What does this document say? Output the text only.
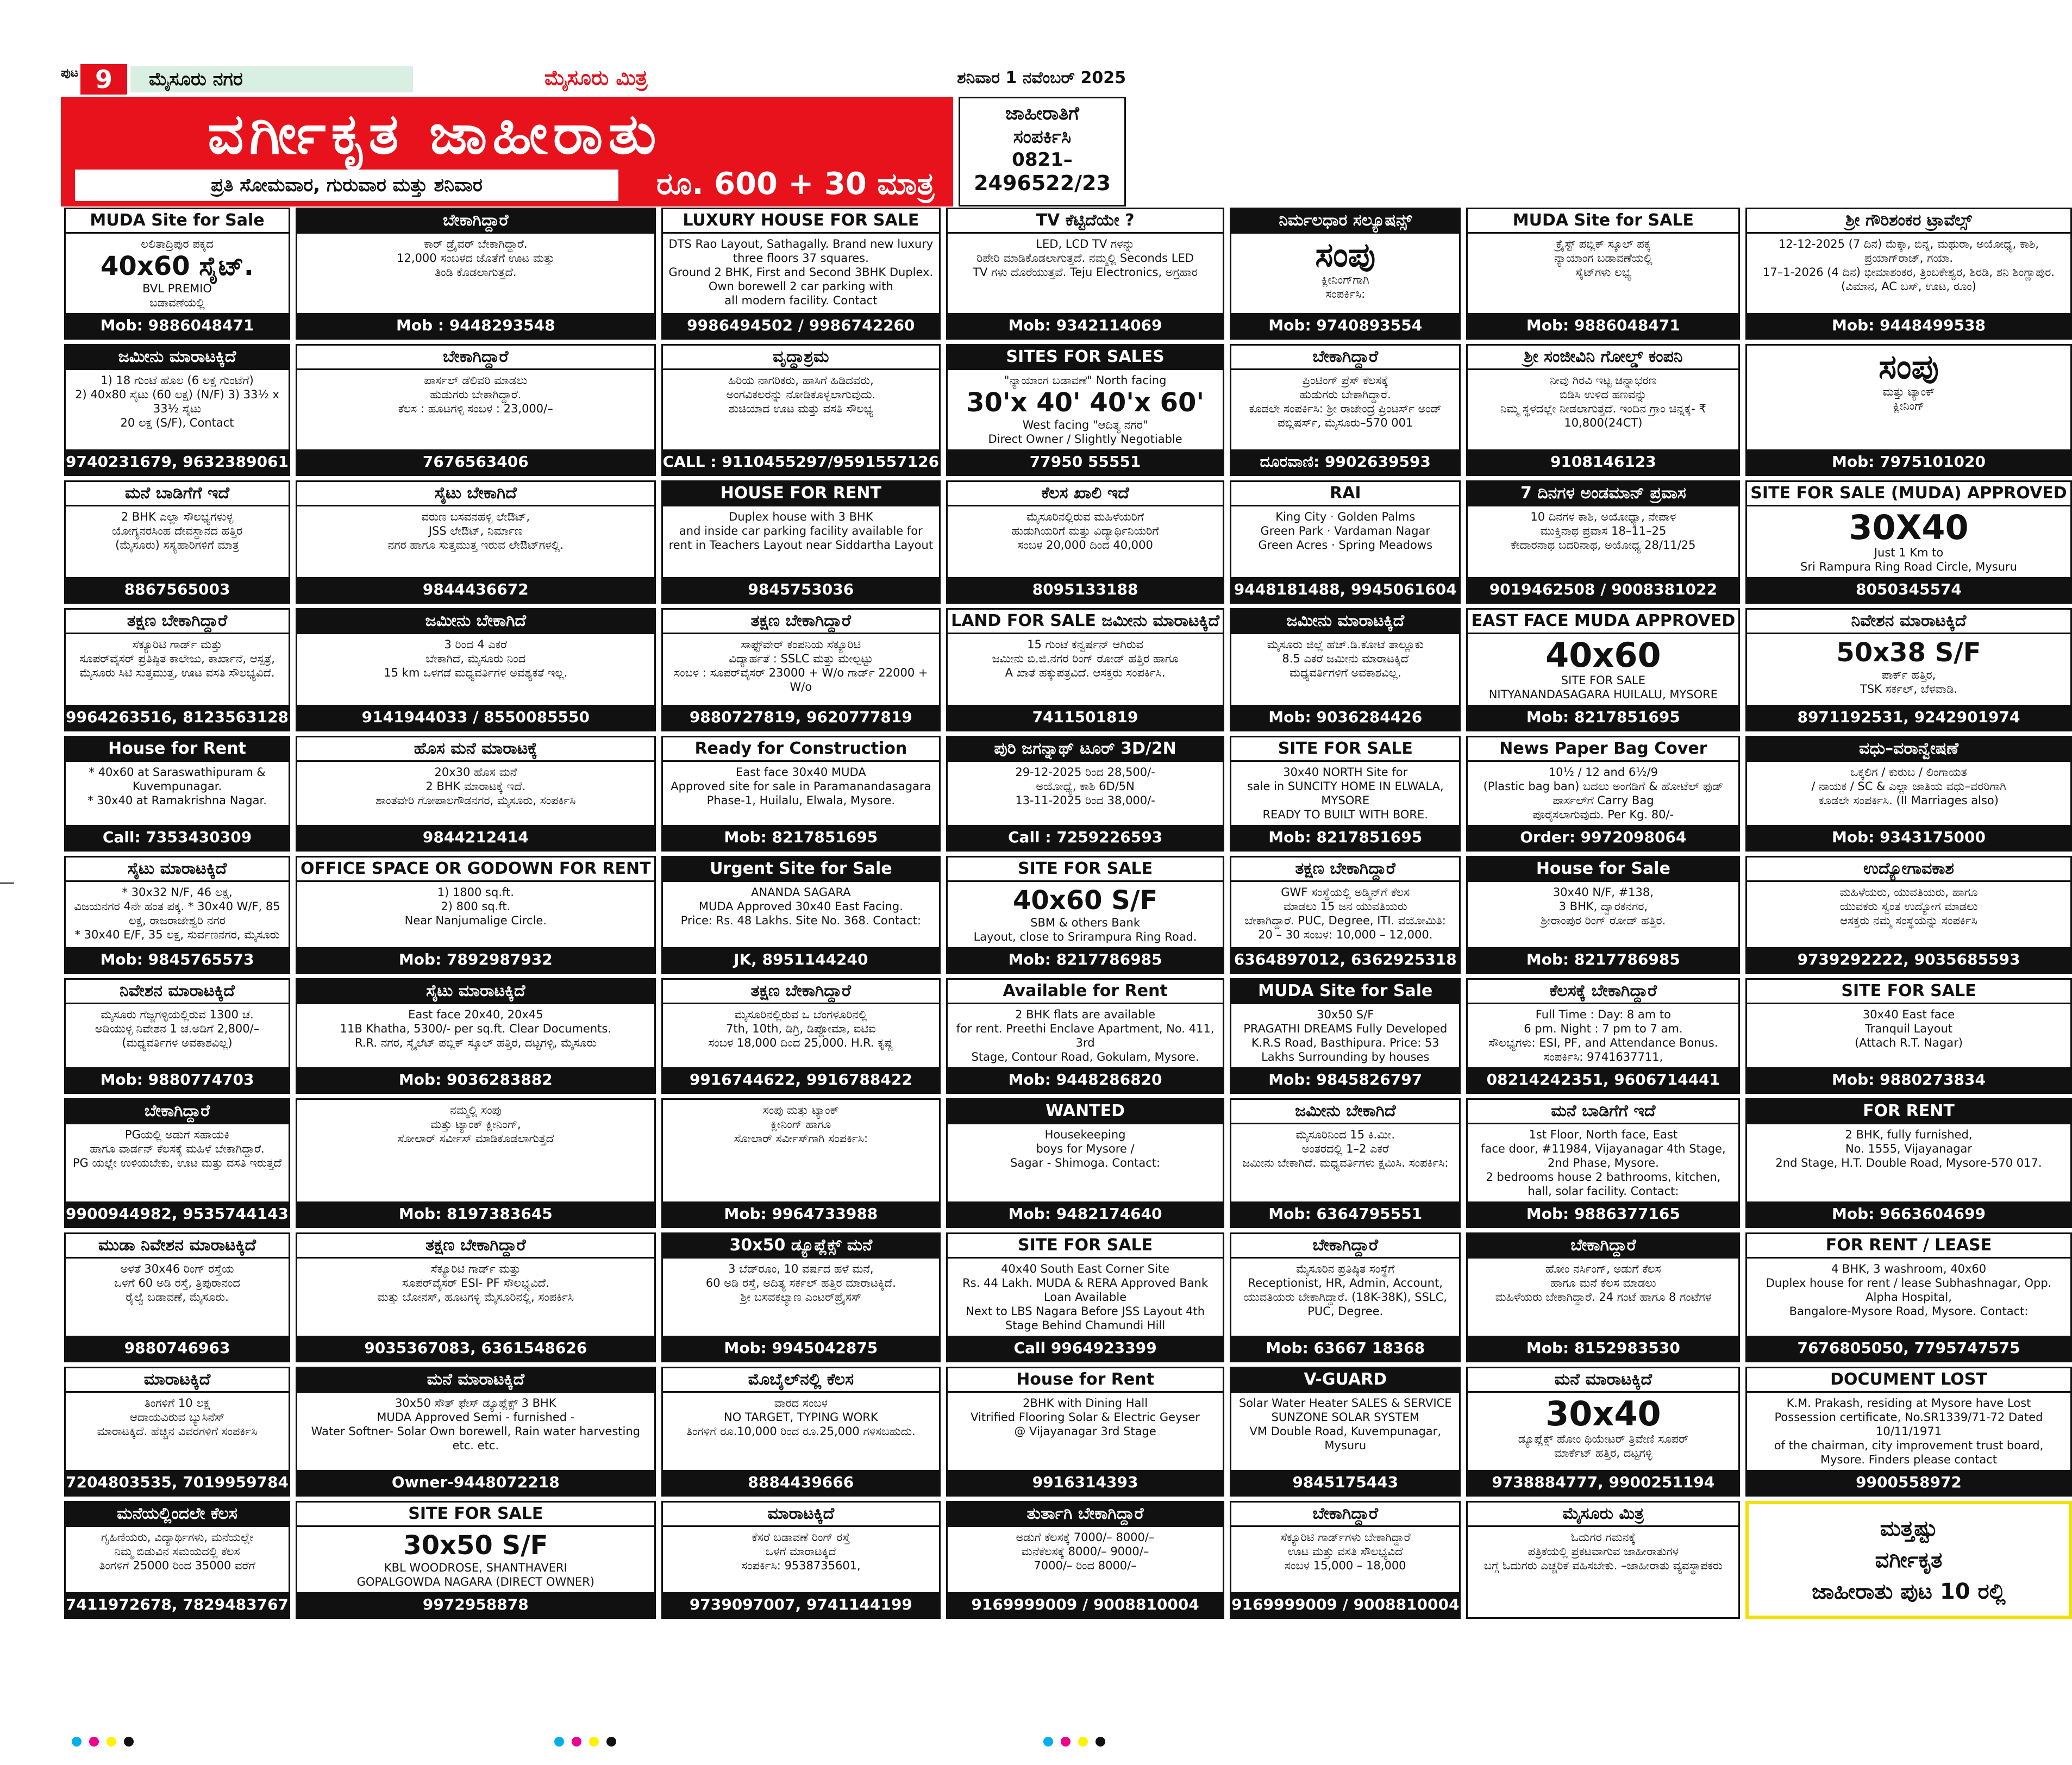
ಪುಟ 9	ಮೈಸೂರು ನಗರ	ಮೈಸೂರು ಮಿತ್ರ	ಶನಿವಾರ 1 ನವೆಂಬರ್ 2025
ವರ್ಗೀಕೃತ ಜಾಹೀರಾತು
ಪ್ರತಿ ಸೋಮವಾರ, ಗುರುವಾರ ಮತ್ತು ಶನಿವಾರ	ರೂ. 600 + 30 ಮಾತ್ರ
ಜಾಹೀರಾತಿಗೆ
ಸಂಪರ್ಕಿಸಿ
0821–
2496522/23
MUDA Site for Sale
ಲಲಿತಾದ್ರಿಪುರ ಪಕ್ಕದ
40x60 ಸೈಟ್.
BVL PREMIO
ಬಡಾವಣೆಯಲ್ಲಿ
Mob: 9886048471
ಬೇಕಾಗಿದ್ದಾರೆ
ಕಾರ್ ಡ್ರೈವರ್ ಬೇಕಾಗಿದ್ದಾರೆ.
12,000 ಸಂಬಳದ ಜೊತೆಗೆ ಊಟ ಮತ್ತು
ತಿಂಡಿ ಕೊಡಲಾಗುತ್ತದೆ.
Mob : 9448293548
LUXURY HOUSE FOR SALE
DTS Rao Layout, Sathagally. Brand new luxury three floors 37 squares.
Ground 2 BHK, First and Second 3BHK Duplex. Own borewell 2 car parking with
all modern facility. Contact
9986494502 / 9986742260
TV ಕೆಟ್ಟಿದೆಯೇ ?
LED, LCD TV ಗಳನ್ನು
ರಿಪೇರಿ ಮಾಡಿಕೊಡಲಾಗುತ್ತದೆ. ನಮ್ಮಲ್ಲಿ Seconds LED
TV ಗಳು ದೊರೆಯುತ್ತವೆ. Teju Electronics, ಅಗ್ರಹಾರ
Mob: 9342114069
ನಿರ್ಮಲಧಾರ ಸಲ್ಯೂಷನ್ಸ್
ಸಂಪು
ಕ್ಲೀನಿಂಗ್‌ಗಾಗಿ
ಸಂಪರ್ಕಿಸಿ:
Mob: 9740893554
MUDA Site for SALE
ಕ್ರೈಸ್ಟ್ ಪಬ್ಲಿಕ್ ಸ್ಕೂಲ್ ಪಕ್ಕ
ನ್ಯಾಯಾಂಗ ಬಡಾವಣೆಯಲ್ಲಿ
ಸೈಟ್‌ಗಳು ಲಭ್ಯ
Mob: 9886048471
ಶ್ರೀ ಗೌರಿಶಂಕರ ಟ್ರಾವೆಲ್ಸ್
12-12-2025 (7 ದಿನ) ಮೆಕ್ಕಾ, ಬಿನ್ನ, ಮಥುರಾ, ಅಯೋಧ್ಯ, ಕಾಶಿ, ಪ್ರಯಾಗ್‌ರಾಜ್, ಗಯಾ.
17–1-2026 (4 ದಿನ) ಭೀಮಾಶಂಕರ, ತ್ರಿಂಬಕೇಶ್ವರ, ಶಿರಡಿ, ಶನಿ ಶಿಂಗ್ಣಾಪುರ.
(ವಿಮಾನ, AC ಬಸ್, ಊಟ, ರೂಂ)
Mob: 9448499538
ಜಮೀನು ಮಾರಾಟಕ್ಕಿದೆ
1) 18 ಗುಂಟೆ ಹೊಲ (6 ಲಕ್ಷ ಗುಂಟೆಗೆ)
2) 40x80 ಸೈಟು (60 ಲಕ್ಷ) (N/F) 3) 33½ x 33½ ಸೈಟು
20 ಲಕ್ಷ (S/F), Contact
9740231679, 9632389061
ಬೇಕಾಗಿದ್ದಾರೆ
ಪಾರ್ಸಲ್ ಡೆಲಿವರಿ ಮಾಡಲು
ಹುಡುಗರು ಬೇಕಾಗಿದ್ದಾರೆ.
ಕೆಲಸ : ಹೂಟಗಳ್ಳಿ ಸಂಬಳ : 23,000/–
7676563406
ವೃದ್ಧಾಶ್ರಮ
ಹಿರಿಯ ನಾಗರಿಕರು, ಹಾಸಿಗೆ ಹಿಡಿದವರು,
ಅಂಗವಿಕಲರನ್ನು ನೋಡಿಕೊಳ್ಳಲಾಗುವುದು.
ಶುಚಿಯಾದ ಊಟ ಮತ್ತು ವಸತಿ ಸೌಲಭ್ಯ
CALL : 9110455297/9591557126
SITES FOR SALES
"ನ್ಯಾಯಾಂಗ ಬಡಾವಣೆ" North facing
30'x 40' 40'x 60'
West facing "ಆದಿತ್ಯ ನಗರ"
Direct Owner / Slightly Negotiable
77950 55551
ಬೇಕಾಗಿದ್ದಾರೆ
ಪ್ರಿಂಟಿಂಗ್ ಪ್ರೆಸ್ ಕೆಲಸಕ್ಕೆ
ಹುಡುಗರು ಬೇಕಾಗಿದ್ದಾರೆ.
ಕೂಡಲೇ ಸಂಪರ್ಕಿಸಿ: ಶ್ರೀ ರಾಜೇಂದ್ರ ಪ್ರಿಂಟರ್ಸ್ ಅಂಡ್ ಪಬ್ಲಿಷರ್ಸ್, ಮೈಸೂರು–570 001
ದೂರವಾಣಿ: 9902639593
ಶ್ರೀ ಸಂಜೀವಿನಿ ಗೋಲ್ಡ್ ಕಂಪನಿ
ನೀವು ಗಿರವಿ ಇಟ್ಟ ಚಿನ್ನಾಭರಣ
ಬಿಡಿಸಿ ಉಳಿದ ಹಣವನ್ನು
ನಿಮ್ಮ ಸ್ಥಳದಲ್ಲೇ ನೀಡಲಾಗುತ್ತದೆ. ಇಂದಿನ ಗ್ರಾಂ ಚಿನ್ನಕ್ಕೆ- ₹ 10,800(24CT)
9108146123
ಸಂಪು
ಮತ್ತು ಟ್ಯಾಂಕ್
ಕ್ಲೀನಿಂಗ್
Mob: 7975101020
ಮನೆ ಬಾಡಿಗೆಗೆ ಇದೆ
2 BHK ಎಲ್ಲಾ ಸೌಲಭ್ಯಗಳುಳ್ಳ
ಯೋಗ್ಯನರಸಿಂಹ ದೇವಸ್ಥಾನದ ಹತ್ತಿರ
(ಮೈಸೂರು) ಸಸ್ಯಹಾರಿಗಳಿಗೆ ಮಾತ್ರ
8867565003
ಸೈಟು ಬೇಕಾಗಿದೆ
ವರುಣ ಬಸವನಹಳ್ಳಿ ಲೇಔಟ್,
JSS ಲೇಔಟ್, ನಿರ್ಮಾಣ
ನಗರ ಹಾಗೂ ಸುತ್ತಮುತ್ತ ಇರುವ ಲೇಔಟ್‌ಗಳಲ್ಲಿ.
9844436672
HOUSE FOR RENT
Duplex house with 3 BHK
and inside car parking facility available for
rent in Teachers Layout near Siddartha Layout
9845753036
ಕೆಲಸ ಖಾಲಿ ಇದೆ
ಮೈಸೂರಿನಲ್ಲಿರುವ ಮಹಿಳೆಯರಿಗೆ
ಹುಡುಗಿಯರಿಗೆ ಮತ್ತು ವಿದ್ಯಾರ್ಥಿನಿಯರಿಗೆ
ಸಂಬಳ 20,000 ದಿಂದ 40,000
8095133188
RAI
King City · Golden Palms
Green Park · Vardaman Nagar
Green Acres · Spring Meadows
9448181488, 9945061604
7 ದಿನಗಳ ಅಂಡಮಾನ್ ಪ್ರವಾಸ
10 ದಿನಗಳ ಕಾಶಿ, ಅಯೋಧ್ಯಾ, ನೇಪಾಳ
ಮುಕ್ತಿನಾಥ ಪ್ರವಾಸ 18–11–25
ಕೇದಾರನಾಥ ಬದರಿನಾಥ, ಅಯೋಧ್ಯ 28/11/25
9019462508 / 9008381022
SITE FOR SALE (MUDA) APPROVED
30X40
Just 1 Km to
Sri Rampura Ring Road Circle, Mysuru
8050345574
ತಕ್ಷಣ ಬೇಕಾಗಿದ್ದಾರೆ
ಸೆಕ್ಯೂರಿಟಿ ಗಾರ್ಡ್ ಮತ್ತು
ಸೂಪರ್‌ವೈಸರ್ ಪ್ರತಿಷ್ಠಿತ ಕಾಲೇಜು, ಕಾರ್ಖಾನೆ, ಆಸ್ಪತ್ರೆ,
ಮೈಸೂರು ಸಿಟಿ ಸುತ್ತಮುತ್ತ, ಊಟ ವಸತಿ ಸೌಲಭ್ಯವಿದೆ.
9964263516, 8123563128
ಜಮೀನು ಬೇಕಾಗಿದೆ
3 ರಿಂದ 4 ಎಕರೆ
ಬೇಕಾಗಿದೆ, ಮೈಸೂರು ನಿಂದ
15 km ಒಳಗಡೆ ಮಧ್ಯವರ್ತಿಗಳ ಅವಶ್ಯಕತೆ ಇಲ್ಲ.
9141944033 / 8550085550
ತಕ್ಷಣ ಬೇಕಾಗಿದ್ದಾರೆ
ಸಾಫ್ಟ್‌ವೇರ್ ಕಂಪನಿಯ ಸೆಕ್ಯೂರಿಟಿ
ವಿದ್ಯಾರ್ಹತೆ : SSLC ಮತ್ತು ಮೇಲ್ಪಟ್ಟು
ಸಂಬಳ : ಸೂಪರ್‌ವೈಸರ್ 23000 + W/o ಗಾರ್ಡ್ 22000 + W/o
9880727819, 9620777819
LAND FOR SALE ಜಮೀನು ಮಾರಾಟಕ್ಕಿದೆ
15 ಗುಂಟೆ ಕನ್ವರ್ಷನ್ ಆಗಿರುವ
ಜಮೀನು ಬಿ.ಜಿ.ನಗರ ರಿಂಗ್ ರೋಡ್ ಹತ್ತಿರ ಹಾಗೂ
A ಖಾತೆ ಹಕ್ಕುಪತ್ರವಿದೆ. ಆಸಕ್ತರು ಸಂಪರ್ಕಿಸಿ.
7411501819
ಜಮೀನು ಮಾರಾಟಕ್ಕಿದೆ
ಮೈಸೂರು ಜಿಲ್ಲೆ ಹೆಚ್.ಡಿ.ಕೋಟೆ ತಾಲ್ಲೂಕು
8.5 ಎಕರೆ ಜಮೀನು ಮಾರಾಟಕ್ಕಿದೆ
ಮಧ್ಯವರ್ತಿಗಳಿಗೆ ಅವಕಾಶವಿಲ್ಲ.
Mob: 9036284426
EAST FACE MUDA APPROVED
40x60
SITE FOR SALE
NITYANANDASAGARA HUILALU, MYSORE
Mob: 8217851695
ನಿವೇಶನ ಮಾರಾಟಕ್ಕಿದೆ
50x38 S/F
ಪಾರ್ಕ್ ಹತ್ತಿರ,
TSK ಸರ್ಕಲ್, ಬೆಳವಾಡಿ.
8971192531, 9242901974
House for Rent
* 40x60 at Saraswathipuram &
Kuvempunagar.
* 30x40 at Ramakrishna Nagar.
Call: 7353430309
ಹೊಸ ಮನೆ ಮಾರಾಟಕ್ಕೆ
20x30 ಹೊಸ ಮನೆ
2 BHK ಮಾರಾಟಕ್ಕೆ ಇದೆ.
ಶಾಂತವೇರಿ ಗೋಪಾಲಗೌಡನಗರ, ಮೈಸೂರು, ಸಂಪರ್ಕಿಸಿ
9844212414
Ready for Construction
East face 30x40 MUDA
Approved site for sale in Paramanandasagara
Phase-1, Huilalu, Elwala, Mysore.
Mob: 8217851695
ಪುರಿ ಜಗನ್ನಾಥ್ ಟೂರ್ 3D/2N
29-12-2025 ರಿಂದ 28,500/-
ಅಯೋಧ್ಯೆ, ಕಾಶಿ 6D/5N
13-11-2025 ರಿಂದ 38,000/-
Call : 7259226593
SITE FOR SALE
30x40 NORTH Site for
sale in SUNCITY HOME IN ELWALA, MYSORE
READY TO BUILT WITH BORE.
Mob: 8217851695
News Paper Bag Cover
10½ / 12 and 6½/9
(Plastic bag ban) ಬದಲು ಅಂಗಡಿಗೆ & ಹೋಟೆಲ್ ಫುಡ್ ಪಾರ್ಸಲ್‌ಗೆ Carry Bag
ಪೂರೈಸಲಾಗುವುದು. Per Kg. 80/-
Order: 9972098064
ವಧು–ವರಾನ್ವೇಷಣೆ
ಒಕ್ಕಲಿಗ / ಕುರುಬ / ಲಿಂಗಾಯತ
/ ನಾಯಕ / SC & ಎಲ್ಲಾ ಜಾತಿಯ ವಧು–ವರರಿಗಾಗಿ
ಕೂಡಲೇ ಸಂಪರ್ಕಿಸಿ. (II Marriages also)
Mob: 9343175000
ಸೈಟು ಮಾರಾಟಕ್ಕಿದೆ
* 30x32 N/F, 46 ಲಕ್ಷ,
ವಿಜಯನಗರ 4ನೇ ಹಂತ ಪಕ್ಕ. * 30x40 W/F, 85 ಲಕ್ಷ, ರಾಜರಾಜೇಶ್ವರಿ ನಗರ
* 30x40 E/F, 35 ಲಕ್ಷ, ಸುರ್ವಣನಗರ, ಮೈಸೂರು
Mob: 9845765573
OFFICE SPACE OR GODOWN FOR RENT
1) 1800 sq.ft.
2) 800 sq.ft.
Near Nanjumalige Circle.
Mob: 7892987932
Urgent Site for Sale
ANANDA SAGARA
MUDA Approved 30x40 East Facing.
Price: Rs. 48 Lakhs. Site No. 368. Contact:
JK, 8951144240
SITE FOR SALE
40x60 S/F
SBM & others Bank
Layout, close to Srirampura Ring Road.
Mob: 8217786985
ತಕ್ಷಣ ಬೇಕಾಗಿದ್ದಾರೆ
GWF ಸಂಸ್ಥೆಯಲ್ಲಿ ಅಡ್ಮಿನ್‌ಗೆ ಕೆಲಸ
ಮಾಡಲು 15 ಜನ ಯುವತಿಯರು
ಬೇಕಾಗಿದ್ದಾರೆ. PUC, Degree, ITI. ವಯೋಮಿತಿ: 20 – 30 ಸಂಬಳ: 10,000 – 12,000.
6364897012, 6362925318
House for Sale
30x40 N/F, #138,
3 BHK, ದ್ವಾರಕನಗರ,
ಶ್ರೀರಾಂಪುರ ರಿಂಗ್ ರೋಡ್ ಹತ್ತಿರ.
Mob: 8217786985
ಉದ್ಯೋಗಾವಕಾಶ
ಮಹಿಳೆಯರು, ಯುವತಿಯರು, ಹಾಗೂ
ಯುವಕರು ಸ್ವಂತ ಉದ್ಯೋಗ ಮಾಡಲು
ಆಸಕ್ತರು ನಮ್ಮ ಸಂಸ್ಥೆಯನ್ನು ಸಂಪರ್ಕಿಸಿ
9739292222, 9035685593
ನಿವೇಶನ ಮಾರಾಟಕ್ಕಿದೆ
ಮೈಸೂರು ಗೆಜ್ಜಗಳ್ಳಿಯಲ್ಲಿರುವ 1300 ಚ.
ಅಡಿಯುಳ್ಳ ನಿವೇಶನ 1 ಚ.ಅಡಿಗೆ 2,800/–
(ಮಧ್ಯವರ್ತಿಗಳ ಅವಕಾಶವಿಲ್ಲ)
Mob: 9880774703
ಸೈಟು ಮಾರಾಟಕ್ಕಿದೆ
East face 20x40, 20x45
11B Khatha, 5300/- per sq.ft. Clear Documents.
R.R. ನಗರ, ಸ್ಕೈಲೆಟ್ ಪಬ್ಲಿಕ್ ಸ್ಕೂಲ್ ಹತ್ತಿರ, ದಟ್ಟಗಳ್ಳಿ, ಮೈಸೂರು
Mob: 9036283882
ತಕ್ಷಣ ಬೇಕಾಗಿದ್ದಾರೆ
ಮೈಸೂರಿನಲ್ಲಿರುವ ಒ ಬೆಂಗಳೂರಿನಲ್ಲಿ
7th, 10th, ಡಿಗ್ರಿ, ಡಿಪ್ಲೋಮಾ, ಐಟಿಐ
ಸಂಬಳ 18,000 ದಿಂದ 25,000. H.R. ಕೃಷ್ಣ
9916744622, 9916788422
Available for Rent
2 BHK flats are available
for rent. Preethi Enclave Apartment, No. 411, 3rd
Stage, Contour Road, Gokulam, Mysore.
Mob: 9448286820
MUDA Site for Sale
30x50 S/F
PRAGATHI DREAMS Fully Developed
K.R.S Road, Basthipura. Price: 53 Lakhs Surrounding by houses
Mob: 9845826797
ಕೆಲಸಕ್ಕೆ ಬೇಕಾಗಿದ್ದಾರೆ
Full Time : Day: 8 am to
6 pm. Night : 7 pm to 7 am.
ಸೌಲಭ್ಯಗಳು: ESI, PF, and Attendance Bonus. ಸಂಪರ್ಕಿಸಿ: 9741637711,
08214242351, 9606714441
SITE FOR SALE
30x40 East face
Tranquil Layout
(Attach R.T. Nagar)
Mob: 9880273834
ಬೇಕಾಗಿದ್ದಾರೆ
PGಯಲ್ಲಿ ಅಡುಗೆ ಸಹಾಯಕಿ
ಹಾಗೂ ವಾರ್ಡನ್ ಕೆಲಸಕ್ಕೆ ಮಹಿಳೆ ಬೇಕಾಗಿದ್ದಾರೆ.
PG ಯಲ್ಲೇ ಉಳಿಯಬೇಕು, ಊಟ ಮತ್ತು ವಸತಿ ಇರುತ್ತದೆ
9900944982, 9535744143
ನಮ್ಮಲ್ಲಿ ಸಂಪು
ಮತ್ತು ಟ್ಯಾಂಕ್ ಕ್ಲೀನಿಂಗ್,
ಸೋಲಾರ್ ಸರ್ವೀಸ್ ಮಾಡಿಕೊಡಲಾಗುತ್ತದೆ
Mob: 8197383645
ಸಂಪು ಮತ್ತು ಟ್ಯಾಂಕ್
ಕ್ಲೀನಿಂಗ್ ಹಾಗೂ
ಸೋಲಾರ್ ಸರ್ವೀಸ್‌ಗಾಗಿ ಸಂಪರ್ಕಿಸಿ:
Mob: 9964733988
WANTED
Housekeeping
boys for Mysore /
Sagar - Shimoga. Contact:
Mob: 9482174640
ಜಮೀನು ಬೇಕಾಗಿದೆ
ಮೈಸೂರಿನಿಂದ 15 ಕಿ.ಮೀ.
ಅಂತರದಲ್ಲಿ 1–2 ಎಕರೆ
ಜಮೀನು ಬೇಕಾಗಿದೆ. ಮಧ್ಯವರ್ತಿಗಳು ಕ್ಷಮಿಸಿ. ಸಂಪರ್ಕಿಸಿ:
Mob: 6364795551
ಮನೆ ಬಾಡಿಗೆಗೆ ಇದೆ
1st Floor, North face, East
face door, #11984, Vijayanagar 4th Stage, 2nd Phase, Mysore.
2 bedrooms house 2 bathrooms, kitchen, hall, solar facility. Contact:
Mob: 9886377165
FOR RENT
2 BHK, fully furnished,
No. 1555, Vijayanagar
2nd Stage, H.T. Double Road, Mysore-570 017.
Mob: 9663604699
ಮುಡಾ ನಿವೇಶನ ಮಾರಾಟಕ್ಕಿದೆ
ಅಳತೆ 30x46 ರಿಂಗ್ ರಸ್ತೆಯ
ಒಳಗೆ 60 ಅಡಿ ರಸ್ತೆ, ತ್ರಿಪುರಾನಂದ
ರೈಲ್ವೆ ಬಡಾವಣೆ, ಮೈಸೂರು.
9880746963
ತಕ್ಷಣ ಬೇಕಾಗಿದ್ದಾರೆ
ಸೆಕ್ಯೂರಿಟಿ ಗಾರ್ಡ್ ಮತ್ತು
ಸೂಪರ್‌ವೈಸರ್ ESI- PF ಸೌಲಭ್ಯವಿದೆ.
ಮತ್ತು ಬೋನಸ್, ಹೂಟಗಳ್ಳಿ ಮೈಸೂರಿನಲ್ಲಿ, ಸಂಪರ್ಕಿಸಿ
9035367083, 6361548626
30x50 ಡ್ಯೂಪ್ಲೆಕ್ಸ್ ಮನೆ
3 ಬೆಡ್‌ರೂಂ, 10 ವರ್ಷದ ಹಳೆ ಮನೆ,
60 ಅಡಿ ರಸ್ತೆ, ಅದಿತ್ಯ ಸರ್ಕಲ್ ಹತ್ತಿರ ಮಾರಾಟಕ್ಕಿದೆ.
ಶ್ರೀ ಬಸವಕಲ್ಯಾಣ ಎಂಟರ್‌ಪ್ರೈಸಸ್
Mob: 9945042875
SITE FOR SALE
40x40 South East Corner Site
Rs. 44 Lakh. MUDA & RERA Approved Bank Loan Available
Next to LBS Nagara Before JSS Layout 4th Stage Behind Chamundi Hill
Call 9964923399
ಬೇಕಾಗಿದ್ದಾರೆ
ಮೈಸೂರಿನ ಪ್ರತಿಷ್ಠಿತ ಸಂಸ್ಥೆಗೆ
Receptionist, HR, Admin, Account,
ಯುವತಿಯರು ಬೇಕಾಗಿದ್ದಾರೆ. (18K-38K), SSLC, PUC, Degree.
Mob: 63667 18368
ಬೇಕಾಗಿದ್ದಾರೆ
ಹೋಂ ನರ್ಸಿಂಗ್, ಅಡುಗೆ ಕೆಲಸ
ಹಾಗೂ ಮನೆ ಕೆಲಸ ಮಾಡಲು
ಮಹಿಳೆಯರು ಬೇಕಾಗಿದ್ದಾರೆ. 24 ಗಂಟೆ ಹಾಗೂ 8 ಗಂಟೆಗಳ
Mob: 8152983530
FOR RENT / LEASE
4 BHK, 3 washroom, 40x60
Duplex house for rent / lease Subhashnagar, Opp. Alpha Hospital,
Bangalore-Mysore Road, Mysore. Contact:
7676805050, 7795747575
ಮಾರಾಟಕ್ಕಿದೆ
ತಿಂಗಳಿಗೆ 10 ಲಕ್ಷ
ಆದಾಯವಿರುವ ಬ್ಯುಸಿನೆಸ್
ಮಾರಾಟಕ್ಕಿದೆ. ಹೆಚ್ಚಿನ ವಿವರಗಳಿಗೆ ಸಂಪರ್ಕಿಸಿ
7204803535, 7019959784
ಮನೆ ಮಾರಾಟಕ್ಕಿದೆ
30x50 ಸೌತ್ ಫೇಸ್ ಡ್ಯೂಪ್ಲೆಕ್ಸ್ 3 BHK
MUDA Approved Semi - furnished -
Water Softner- Solar Own borewell, Rain water harvesting etc. etc.
Owner-9448072218
ಮೊಬೈಲ್‌ನಲ್ಲಿ ಕೆಲಸ
ವಾರದ ಸಂಬಳ
NO TARGET, TYPING WORK
ತಿಂಗಳಿಗೆ ರೂ.10,000 ರಿಂದ ರೂ.25,000 ಗಳಿಸಬಹುದು.
8884439666
House for Rent
2BHK with Dining Hall
Vitrified Flooring Solar & Electric Geyser
@ Vijayanagar 3rd Stage
9916314393
V-GUARD
Solar Water Heater SALES & SERVICE
SUNZONE SOLAR SYSTEM
VM Double Road, Kuvempunagar, Mysuru
9845175443
ಮನೆ ಮಾರಾಟಕ್ಕಿದೆ
30x40
ಡ್ಯೂಪ್ಲೆಕ್ಸ್ ಹೋಂ ಥಿಯೇಟರ್ ತ್ರಿವೇಣಿ ಸೂಪರ್
ಮಾರ್ಕೆಟ್ ಹತ್ತಿರ, ದಟ್ಟಗಳ್ಳಿ
9738884777, 9900251194
DOCUMENT LOST
K.M. Prakash, residing at Mysore have Lost
Possession certificate, No.SR1339/71-72 Dated 10/11/1971
of the chairman, city improvement trust board, Mysore. Finders please contact
9900558972
ಮನೆಯಲ್ಲಿಂದಲೇ ಕೆಲಸ
ಗೃಹಿಣಿಯರು, ವಿದ್ಯಾರ್ಥಿಗಳು, ಮನೆಯಲ್ಲೇ
ನಿಮ್ಮ ಬಿಡುವಿನ ಸಮಯದಲ್ಲಿ ಕೆಲಸ
ತಿಂಗಳಿಗೆ 25000 ರಿಂದ 35000 ವರೆಗೆ
7411972678, 7829483767
SITE FOR SALE
30x50 S/F
KBL WOODROSE, SHANTHAVERI
GOPALGOWDA NAGARA (DIRECT OWNER)
9972958878
ಮಾರಾಟಕ್ಕಿದೆ
ಕೆಸರೆ ಬಡಾವಣೆ ರಿಂಗ್ ರಸ್ತೆ
ಒಳಗೆ ಮಾರಾಟಕ್ಕಿದೆ
ಸಂಪರ್ಕಿಸಿ: 9538735601,
9739097007, 9741144199
ತುರ್ತಾಗಿ ಬೇಕಾಗಿದ್ದಾರೆ
ಅಡುಗೆ ಕೆಲಸಕ್ಕೆ 7000/– 8000/–
ಮನೆಕೆಲಸಕ್ಕೆ 8000/– 9000/–
7000/– ರಿಂದ 8000/–
9169999009 / 9008810004
ಬೇಕಾಗಿದ್ದಾರೆ
ಸೆಕ್ಯೂರಿಟಿ ಗಾರ್ಡ್‌ಗಳು ಬೇಕಾಗಿದ್ದಾರೆ
ಊಟ ಮತ್ತು ವಸತಿ ಸೌಲಭ್ಯವಿದೆ
ಸಂಬಳ 15,000 – 18,000
9169999009 / 9008810004
ಮೈಸೂರು ಮಿತ್ರ
ಓದುಗರ ಗಮನಕ್ಕೆ
ಪತ್ರಿಕೆಯಲ್ಲಿ ಪ್ರಕಟವಾಗುವ ಜಾಹೀರಾತುಗಳ
ಬಗ್ಗೆ ಓದುಗರು ಎಚ್ಚರಿಕೆ ವಹಿಸಬೇಕು. –ಜಾಹೀರಾತು ವ್ಯವಸ್ಥಾಪಕರು
ಮತ್ತಷ್ಟು
ವರ್ಗೀಕೃತ
ಜಾಹೀರಾತು ಪುಟ 10 ರಲ್ಲಿ
